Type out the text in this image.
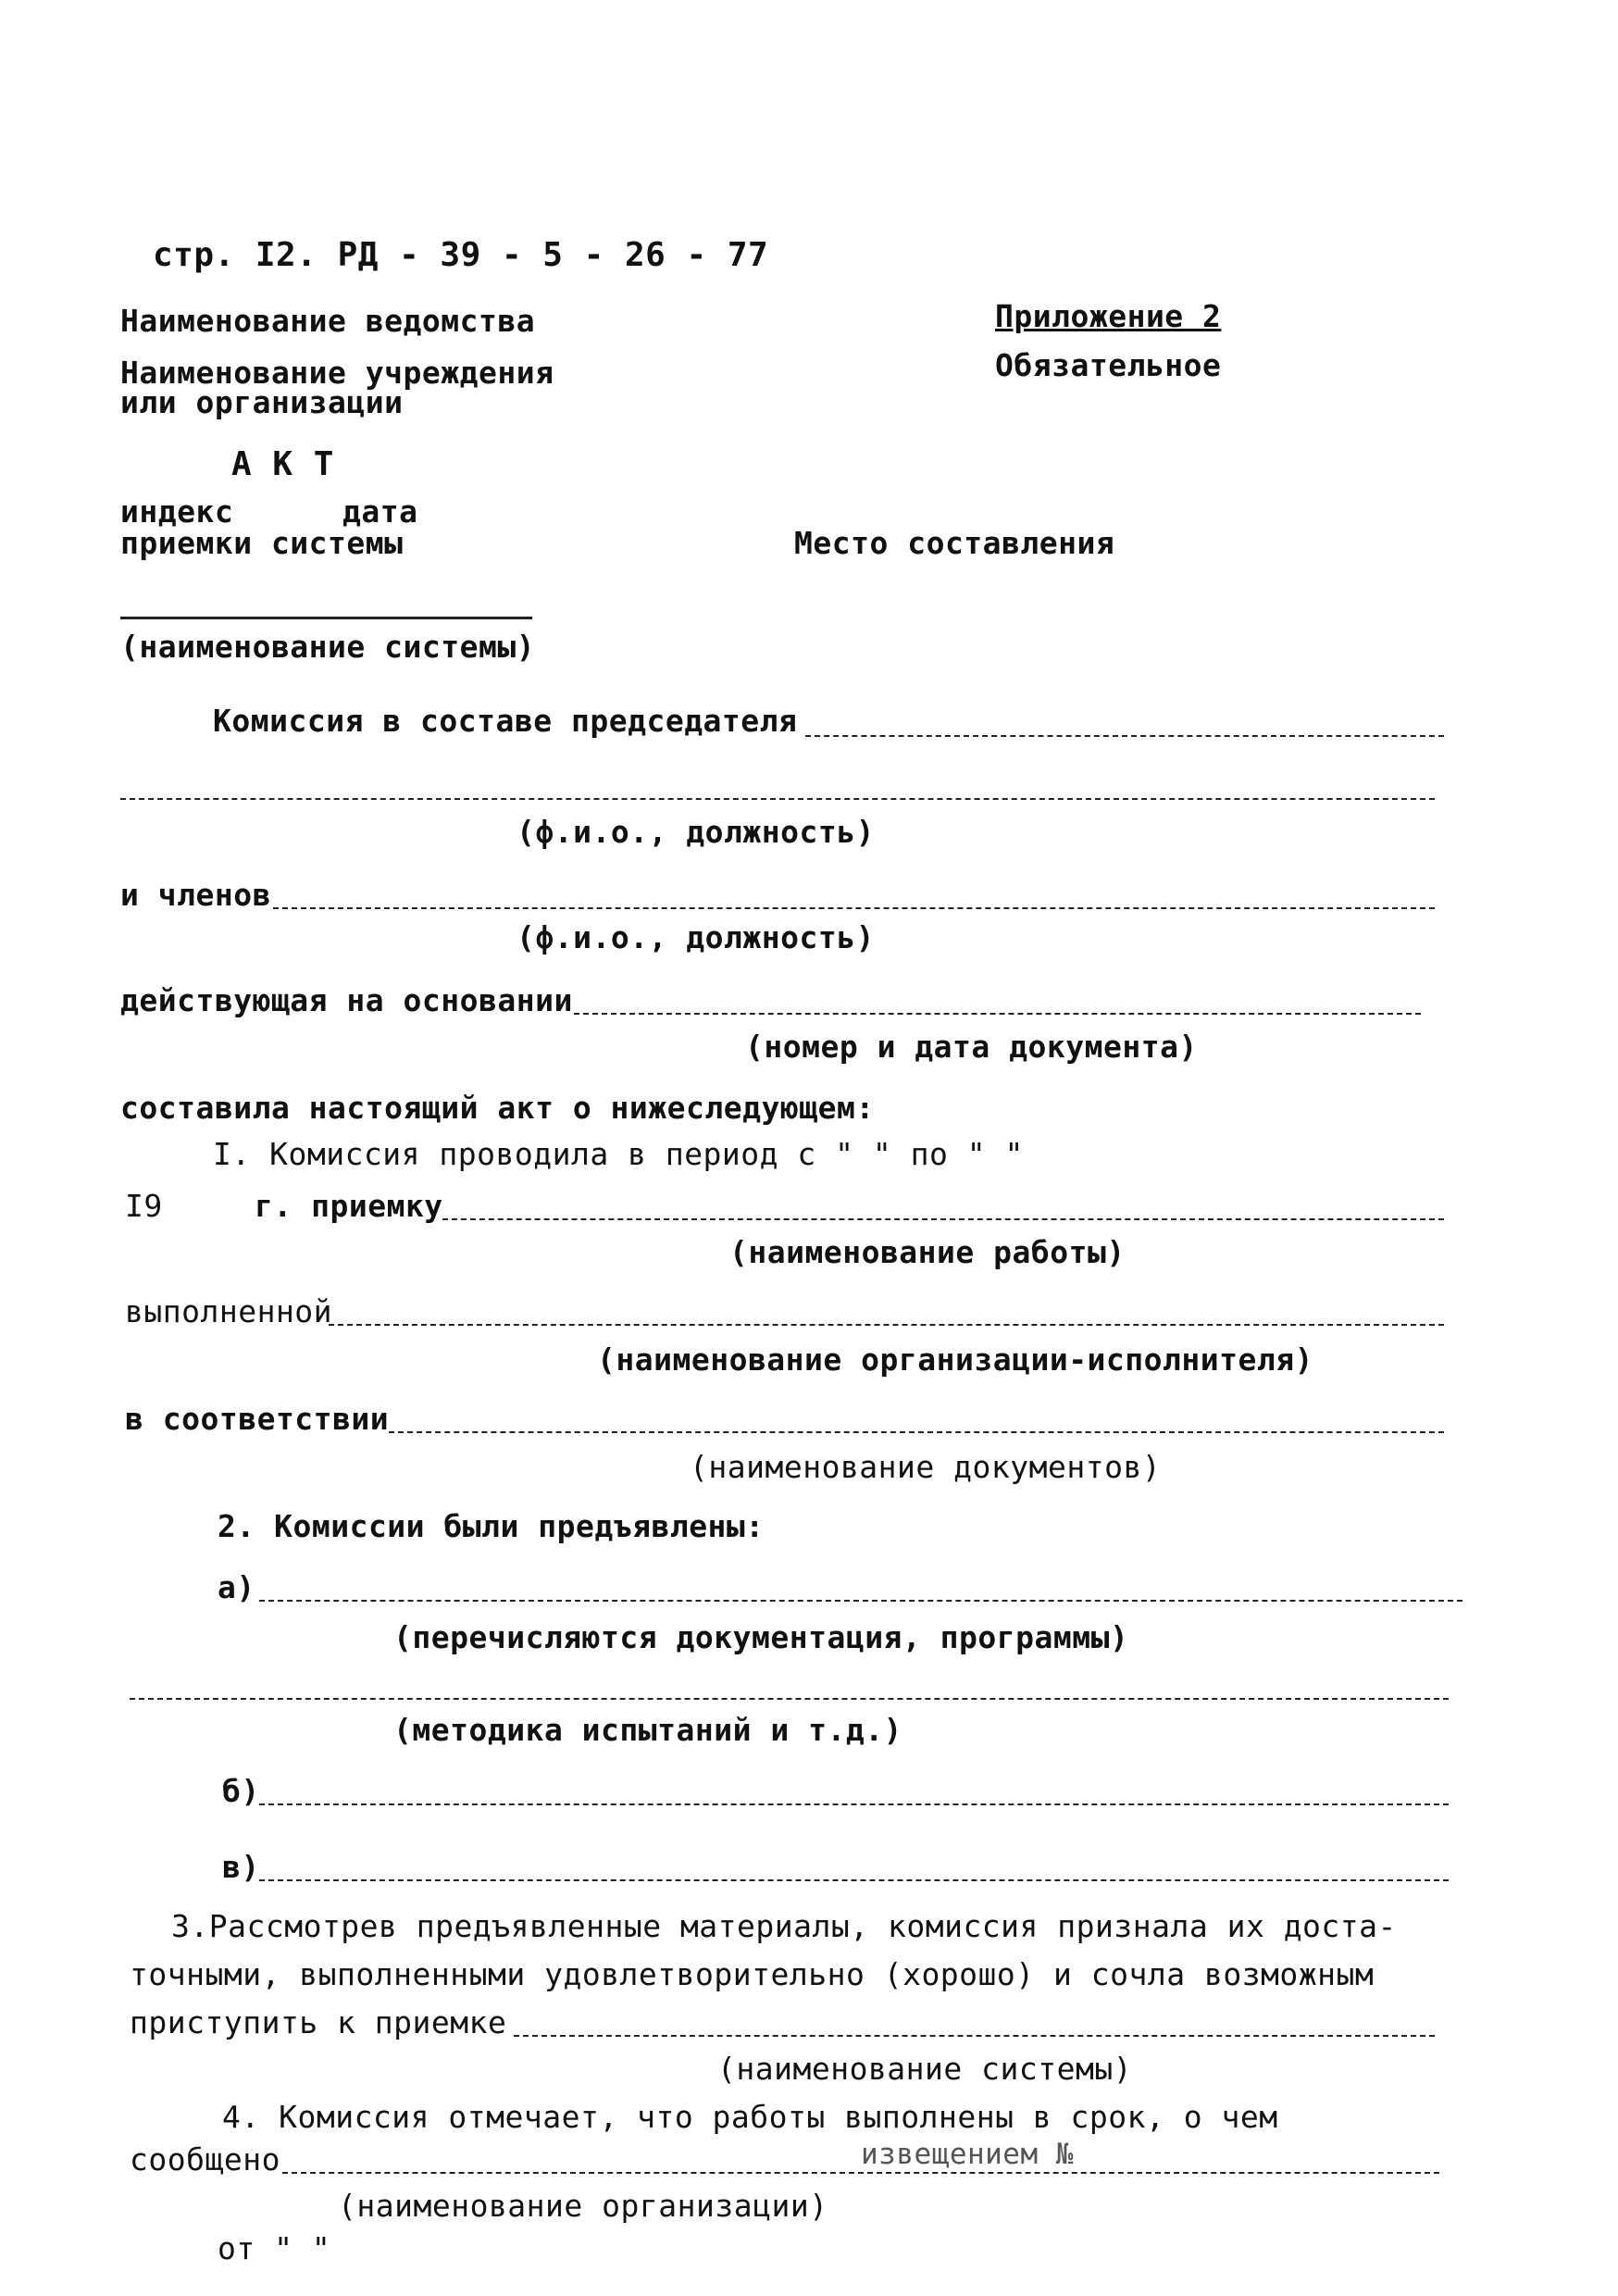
стр. I2. РД - 39 - 5 - 26 - 77
Приложение 2
Обязательное
Наименование ведомства
Наименование учреждения
или организации
А К Т
индекс	дата
приемки системы	Место составления
(наименование системы)
Комиссия в составе председателя
(ф.и.о., должность)
и членов
(ф.и.о., должность)
действующая на основании
(номер и дата документа)
составила настоящий акт о нижеследующем:
I. Комиссия проводила в период с " " по " "
I9	г. приемку
(наименование работы)
выполненной
(наименование организации-исполнителя)
в соответствии
(наименование документов)
2. Комиссии были предъявлены:
а)
(перечисляются документация, программы)
(методика испытаний и т.д.)
б)
в)
3.Рассмотрев предъявленные материалы, комиссия признала их доста-
точными, выполненными удовлетворительно (хорошо) и сочла возможным
приступить к приемке
(наименование системы)
4. Комиссия отмечает, что работы выполнены в срок, о чем
сообщено	извещением №
(наименование организации)
от " "
